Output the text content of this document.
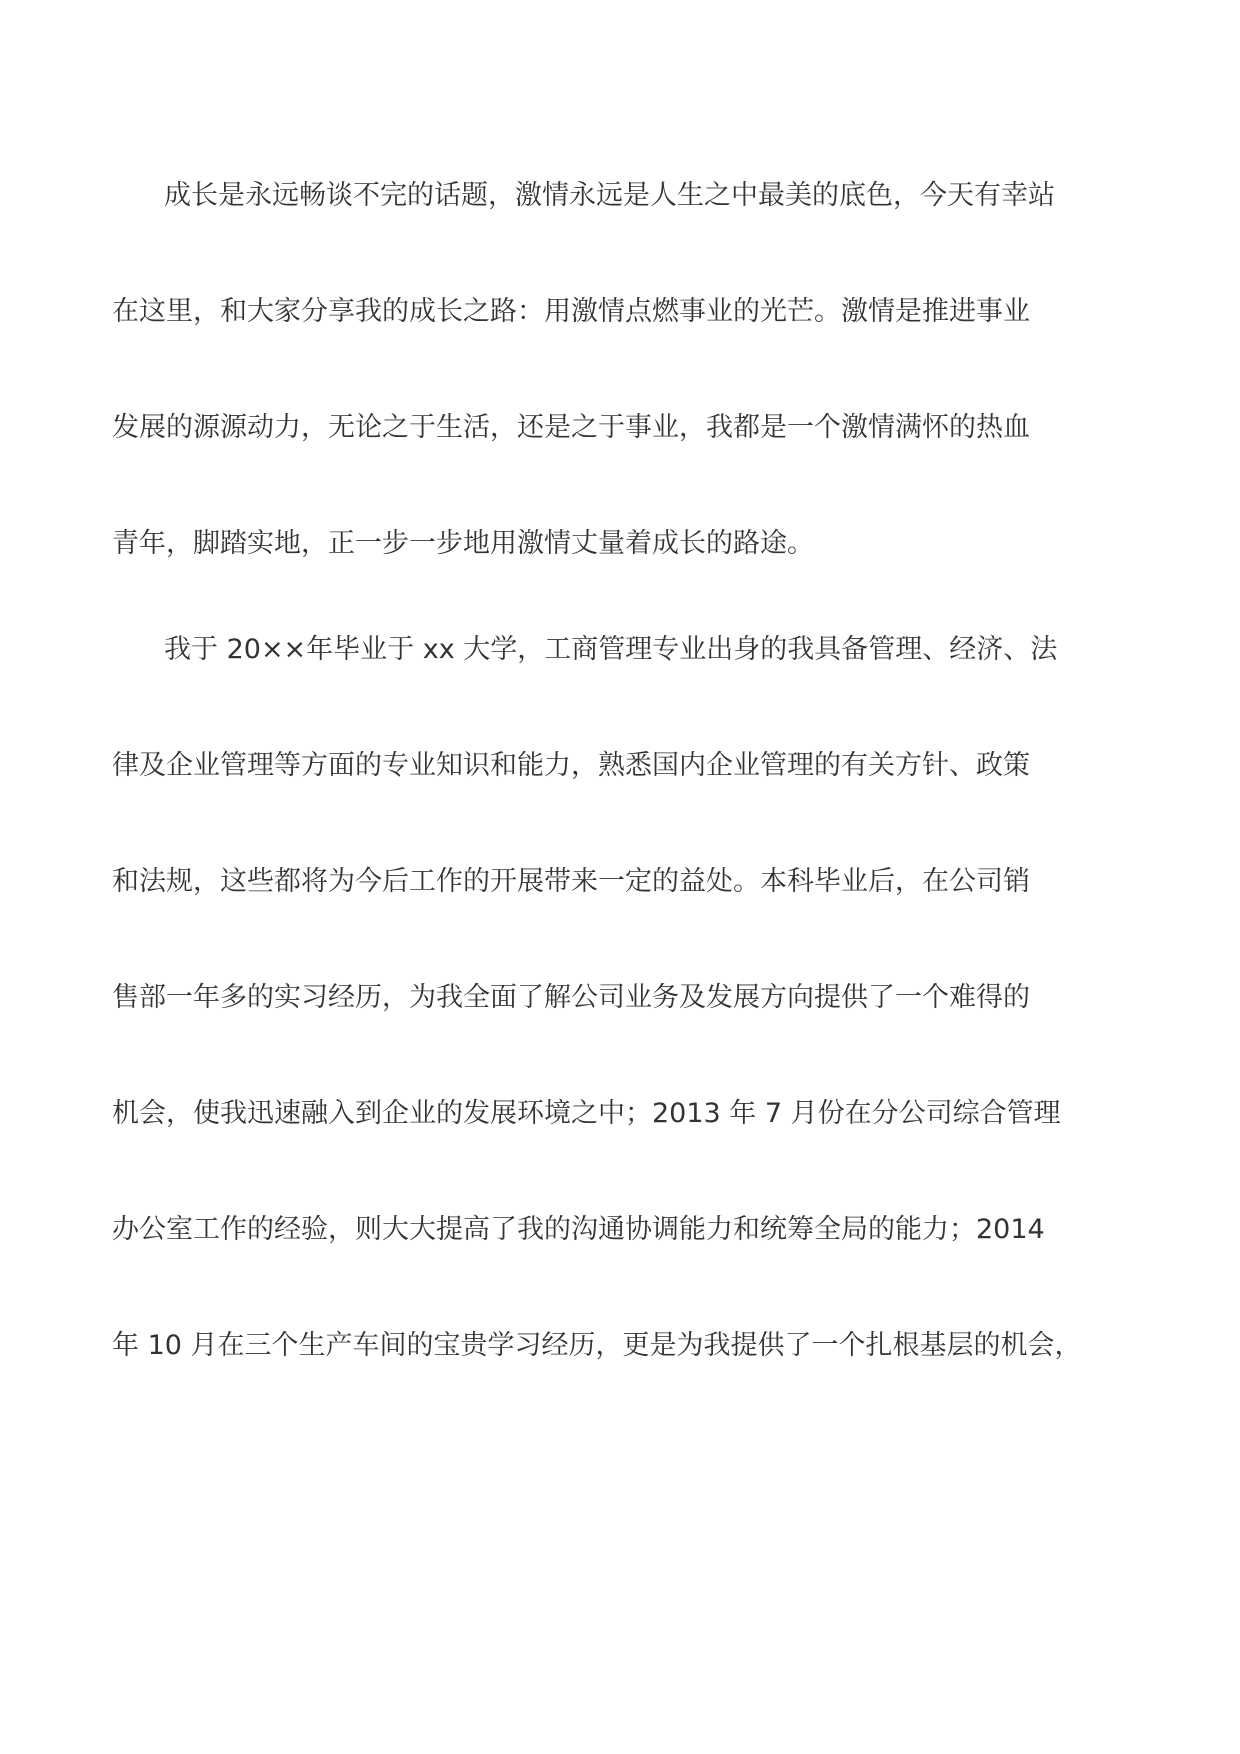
成长是永远畅谈不完的话题，激情永远是人生之中最美的底色，今天有幸站
在这里，和大家分享我的成长之路：用激情点燃事业的光芒。激情是推进事业
发展的源源动力，无论之于生活，还是之于事业，我都是一个激情满怀的热血
青年，脚踏实地，正一步一步地用激情丈量着成长的路途。
我于 20××年毕业于 xx 大学，工商管理专业出身的我具备管理、经济、法
律及企业管理等方面的专业知识和能力，熟悉国内企业管理的有关方针、政策
和法规，这些都将为今后工作的开展带来一定的益处。本科毕业后，在公司销
售部一年多的实习经历，为我全面了解公司业务及发展方向提供了一个难得的
机会，使我迅速融入到企业的发展环境之中；2013 年 7 月份在分公司综合管理
办公室工作的经验，则大大提高了我的沟通协调能力和统筹全局的能力；2014
年 10 月在三个生产车间的宝贵学习经历，更是为我提供了一个扎根基层的机会，
